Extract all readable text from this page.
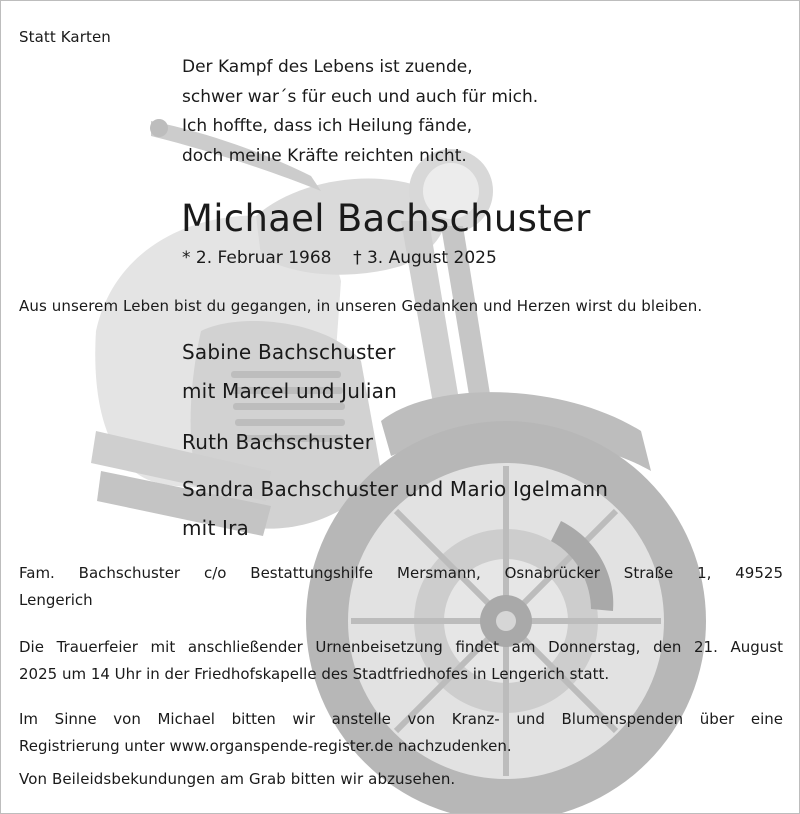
Statt Karten
Der Kampf des Lebens ist zuende,
schwer war´s für euch und auch für mich.
Ich hoffte, dass ich Heilung fände,
doch meine Kräfte reichten nicht.
Michael Bachschuster
* 2. Februar 1968    † 3. August 2025
Aus unserem Leben bist du gegangen, in unseren Gedanken und Herzen wirst du bleiben.
Sabine Bachschuster
mit Marcel und Julian
Ruth Bachschuster
Sandra Bachschuster und Mario Igelmann
mit Ira
Fam. Bachschuster c/o Bestattungshilfe Mersmann, Osnabrücker Straße 1, 49525
Lengerich
Die Trauerfeier mit anschließender Urnenbeisetzung findet am Donnerstag, den 21. August
2025 um 14 Uhr in der Friedhofskapelle des Stadtfriedhofes in Lengerich statt.
Im Sinne von Michael bitten wir anstelle von Kranz- und Blumenspenden über eine
Registrierung unter www.organspende-register.de nachzudenken.
Von Beileidsbekundungen am Grab bitten wir abzusehen.
